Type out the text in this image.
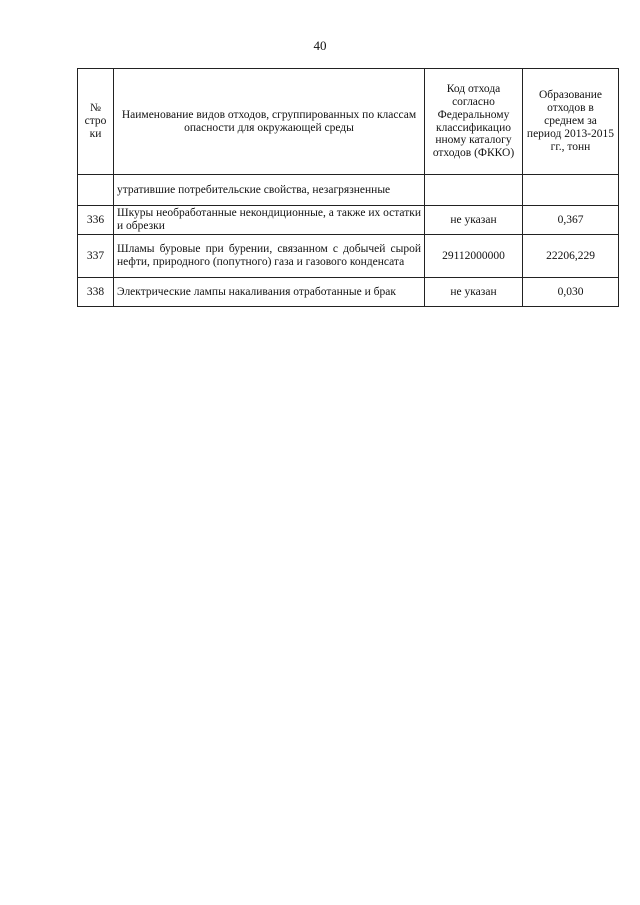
40
№ стро ки	Наименование видов отходов, сгруппированных по классам опасности для окружающей среды	Код отхода согласно Федеральному классификацио нному каталогу отходов (ФККО)	Образование отходов в среднем за период 2013-2015 гг., тонн
	утратившие потребительские свойства, незагрязненные		
336	Шкуры необработанные некондиционные, а также их остатки и обрезки	не указан	0,367
337	Шламы буровые при бурении, связанном с добычей сырой нефти, природного (попутного) газа и газового конденсата	29112000000	22206,229
338	Электрические лампы накаливания отработанные и брак	не указан	0,030
